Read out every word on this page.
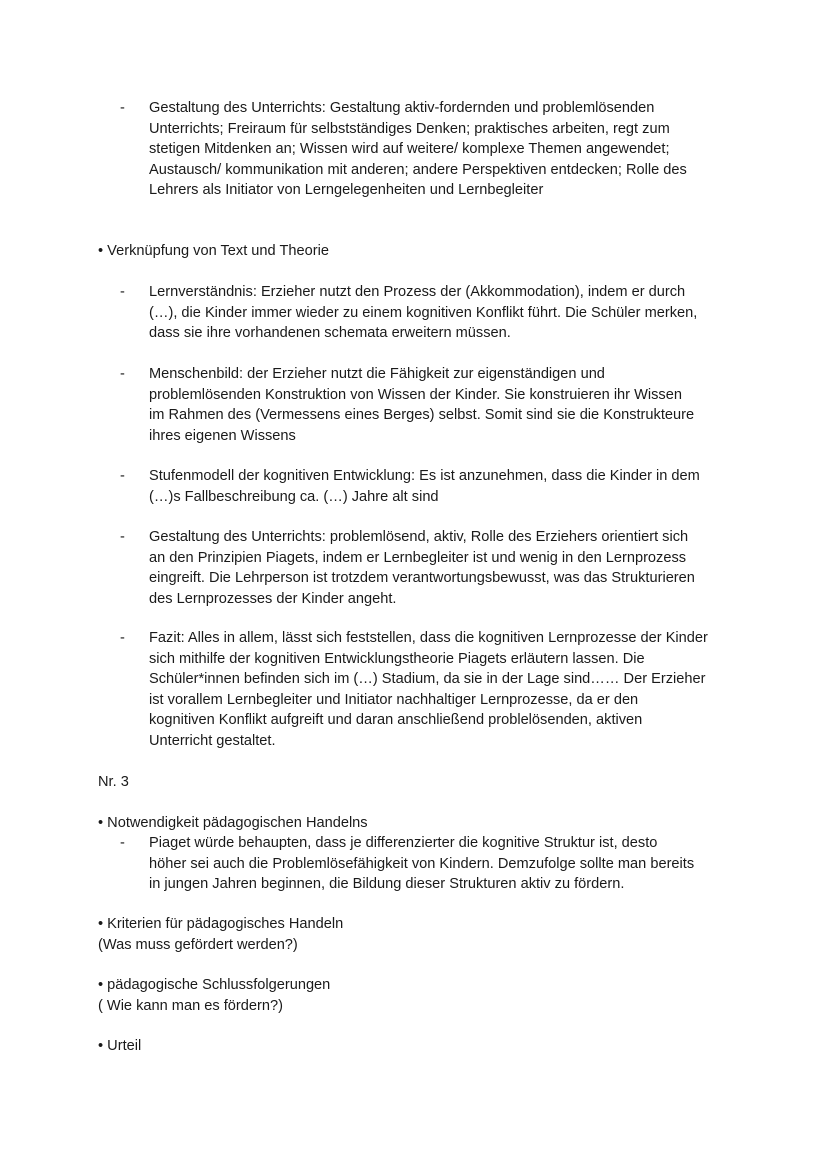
- Gestaltung des Unterrichts: Gestaltung aktiv-fordernden und problemlösenden
Unterrichts; Freiraum für selbstständiges Denken; praktisches arbeiten, regt zum
stetigen Mitdenken an; Wissen wird auf weitere/ komplexe Themen angewendet;
Austausch/ kommunikation mit anderen; andere Perspektiven entdecken; Rolle des
Lehrers als Initiator von Lerngelegenheiten und Lernbegleiter
• Verknüpfung von Text und Theorie
- Lernverständnis: Erzieher nutzt den Prozess der (Akkommodation), indem er durch
(…), die Kinder immer wieder zu einem kognitiven Konflikt führt. Die Schüler merken,
dass sie ihre vorhandenen schemata erweitern müssen.
- Menschenbild: der Erzieher nutzt die Fähigkeit zur eigenständigen und
problemlösenden Konstruktion von Wissen der Kinder. Sie konstruieren ihr Wissen
im Rahmen des (Vermessens eines Berges) selbst. Somit sind sie die Konstrukteure
ihres eigenen Wissens
- Stufenmodell der kognitiven Entwicklung: Es ist anzunehmen, dass die Kinder in dem
(…)s Fallbeschreibung ca. (…) Jahre alt sind
- Gestaltung des Unterrichts: problemlösend, aktiv, Rolle des Erziehers orientiert sich
an den Prinzipien Piagets, indem er Lernbegleiter ist und wenig in den Lernprozess
eingreift. Die Lehrperson ist trotzdem verantwortungsbewusst, was das Strukturieren
des Lernprozesses der Kinder angeht.
- Fazit: Alles in allem, lässt sich feststellen, dass die kognitiven Lernprozesse der Kinder
sich mithilfe der kognitiven Entwicklungstheorie Piagets erläutern lassen. Die
Schüler*innen befinden sich im (…) Stadium, da sie in der Lage sind…… Der Erzieher
ist vorallem Lernbegleiter und Initiator nachhaltiger Lernprozesse, da er den
kognitiven Konflikt aufgreift und daran anschließend problelösenden, aktiven
Unterricht gestaltet.
Nr. 3
• Notwendigkeit pädagogischen Handelns
- Piaget würde behaupten, dass je differenzierter die kognitive Struktur ist, desto
höher sei auch die Problemlösefähigkeit von Kindern. Demzufolge sollte man bereits
in jungen Jahren beginnen, die Bildung dieser Strukturen aktiv zu fördern.
• Kriterien für pädagogisches Handeln
(Was muss gefördert werden?)
• pädagogische Schlussfolgerungen
( Wie kann man es fördern?)
• Urteil
